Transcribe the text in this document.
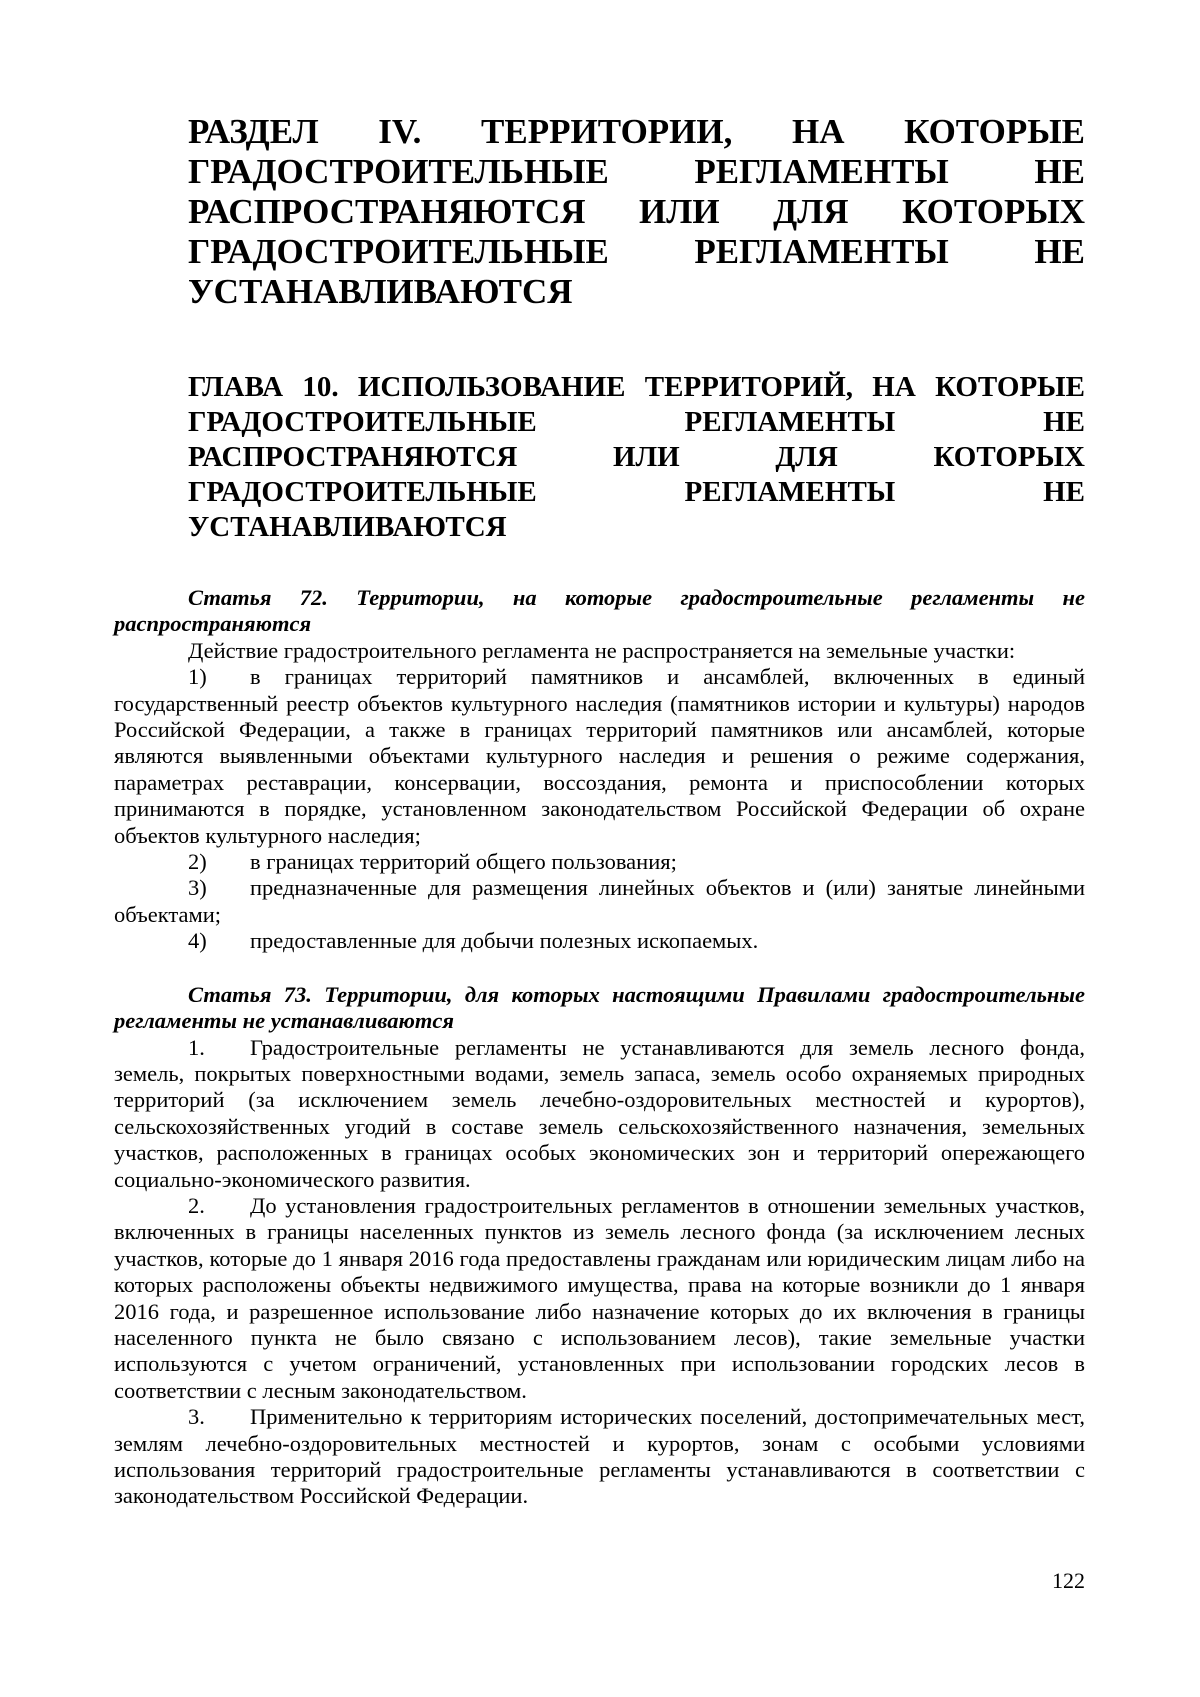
РАЗДЕЛ IV. ТЕРРИТОРИИ, НА КОТОРЫЕ ГРАДОСТРОИТЕЛЬНЫЕ РЕГЛАМЕНТЫ НЕ РАСПРОСТРАНЯЮТСЯ ИЛИ ДЛЯ КОТОРЫХ ГРАДОСТРОИТЕЛЬНЫЕ РЕГЛАМЕНТЫ НЕ УСТАНАВЛИВАЮТСЯ
ГЛАВА 10. ИСПОЛЬЗОВАНИЕ ТЕРРИТОРИЙ, НА КОТОРЫЕ ГРАДОСТРОИТЕЛЬНЫЕ РЕГЛАМЕНТЫ НЕ РАСПРОСТРАНЯЮТСЯ ИЛИ ДЛЯ КОТОРЫХ ГРАДОСТРОИТЕЛЬНЫЕ РЕГЛАМЕНТЫ НЕ УСТАНАВЛИВАЮТСЯ

Статья 72. Территории, на которые градостроительные регламенты не распространяются

Действие градостроительного регламента не распространяется на земельные участки:

1) в границах территорий памятников и ансамблей, включенных в единый государственный реестр объектов культурного наследия (памятников истории и культуры) народов Российской Федерации, а также в границах территорий памятников или ансамблей, которые являются выявленными объектами культурного наследия и решения о режиме содержания, параметрах реставрации, консервации, воссоздания, ремонта и приспособлении которых принимаются в порядке, установленном законодательством Российской Федерации об охране объектов культурного наследия;

2) в границах территорий общего пользования;

3) предназначенные для размещения линейных объектов и (или) занятые линейными объектами;

4) предоставленные для добычи полезных ископаемых.

Статья 73. Территории, для которых настоящими Правилами градостроительные регламенты не устанавливаются

1. Градостроительные регламенты не устанавливаются для земель лесного фонда, земель, покрытых поверхностными водами, земель запаса, земель особо охраняемых природных территорий (за исключением земель лечебно-оздоровительных местностей и курортов), сельскохозяйственных угодий в составе земель сельскохозяйственного назначения, земельных участков, расположенных в границах особых экономических зон и территорий опережающего социально-экономического развития.

2. До установления градостроительных регламентов в отношении земельных участков, включенных в границы населенных пунктов из земель лесного фонда (за исключением лесных участков, которые до 1 января 2016 года предоставлены гражданам или юридическим лицам либо на которых расположены объекты недвижимого имущества, права на которые возникли до 1 января 2016 года, и разрешенное использование либо назначение которых до их включения в границы населенного пункта не было связано с использованием лесов), такие земельные участки используются с учетом ограничений, установленных при использовании городских лесов в соответствии с лесным законодательством.

3. Применительно к территориям исторических поселений, достопримечательных мест, землям лечебно-оздоровительных местностей и курортов, зонам с особыми условиями использования территорий градостроительные регламенты устанавливаются в соответствии с законодательством Российской Федерации.

122
